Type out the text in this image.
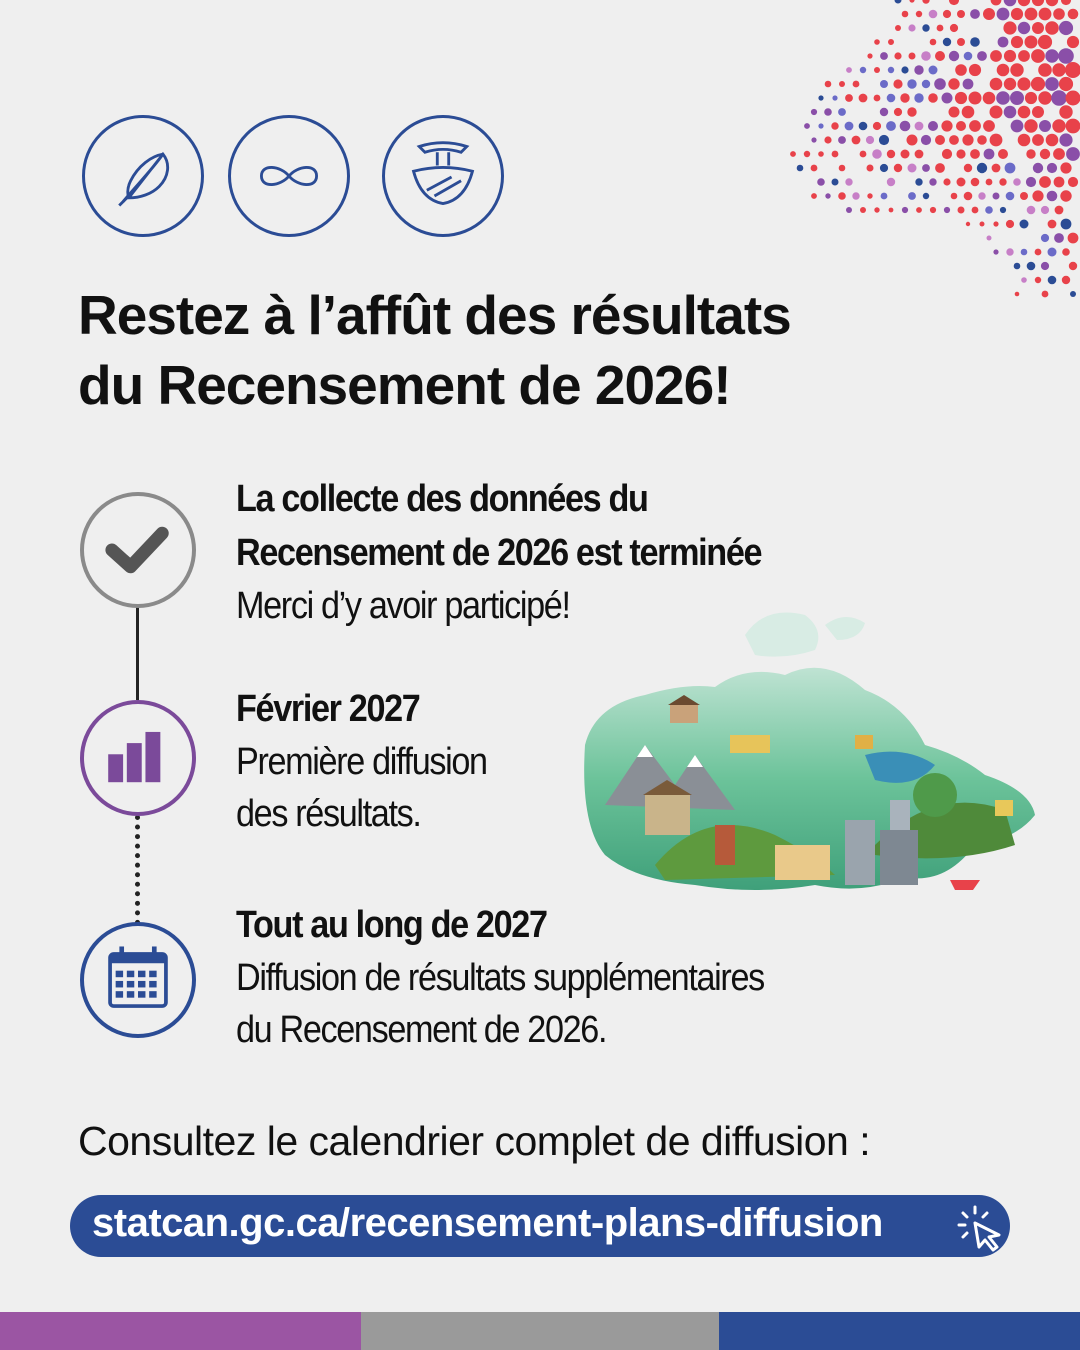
Restez à l’affût des résultats
du Recensement de 2026!
La collecte des données du
Recensement de 2026 est terminée
Merci d’y avoir participé!
Février 2027
Première diffusion
des résultats.
Tout au long de 2027
Diffusion de résultats supplémentaires
du Recensement de 2026.
Consultez le calendrier complet de diffusion :
statcan.gc.ca/recensement-plans-diffusion
